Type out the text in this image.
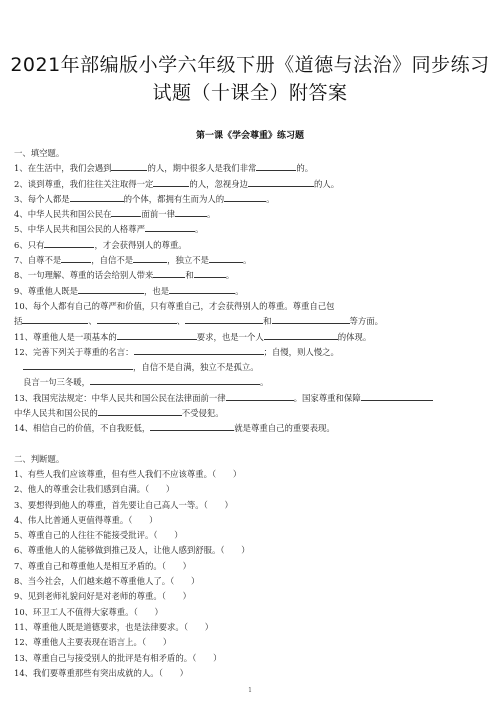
2021年部编版小学六年级下册《道德与法治》同步练习
试题（十课全）附答案
第一课《学会尊重》练习题
一、填空题。
1、在生活中，我们会遇到	的人，期中很多人是我们非常	的。
2、谈到尊重，我们往往关注取得一定	的人，忽视身边	的人。
3、每个人都是	的个体，都拥有生而为人的	。
4、中华人民共和国公民在	面前一律	。
5、中华人民共和国公民的人格尊严	。
6、只有	，才会获得别人的尊重。
7、自尊不是	，自信不是	，独立不是	。
8、一句理解、尊重的话会给别人带来	和	。
9、尊重他人既是	，也是	。
10、每个人都有自己的尊严和价值，只有尊重自己，才会获得别人的尊重。尊重自己包
括	、	、	和	等方面。
11、尊重他人是一项基本的	要求，也是一个人	的体现。
12、完善下列关于尊重的名言：	；自慢，则人慢之。
，自信不是自满，独立不是孤立。
良言一句三冬暖，	。
13、我国宪法规定：中华人民共和国公民在法律面前一律	。国家尊重和保障
中华人民共和国公民的	不受侵犯。
14、相信自己的价值，不自我贬低，	就是尊重自己的重要表现。
二、判断题。
1、有些人我们应该尊重，但有些人我们不应该尊重。（　　）
2、他人的尊重会让我们感到自满。（　　）
3、要想得到他人的尊重，首先要让自己高人一等。（　　）
4、伟人比普通人更值得尊重。（　　）
5、尊重自己的人往往不能接受批评。（　　）
6、尊重他人的人能够做到推己及人，让他人感到舒服。（　　）
7、尊重自己和尊重他人是相互矛盾的。（　　）
8、当今社会，人们越来越不尊重他人了。（　　）
9、见到老师礼貌问好是对老师的尊重。（　　）
10、环卫工人不值得大家尊重。（　　）
11、尊重他人既是道德要求，也是法律要求。（　　）
12、尊重他人主要表现在语言上。（　　）
13、尊重自己与接受别人的批评是有相矛盾的。（　　）
14、我们要尊重那些有突出成就的人。（　　）
1
